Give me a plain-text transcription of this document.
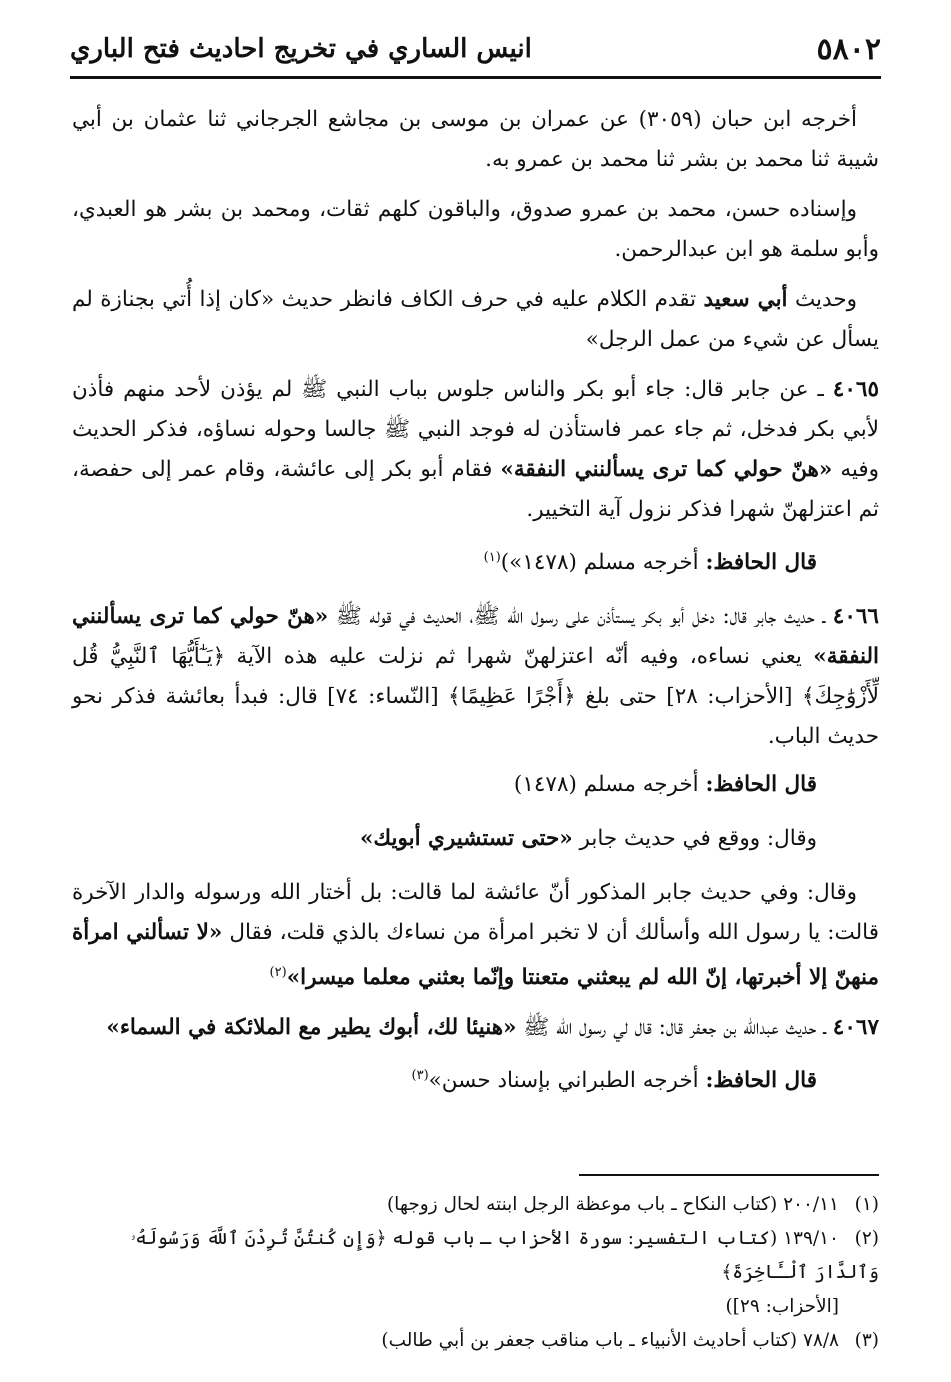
٥٨٠٢
انيس الساري في تخريج احاديث فتح الباري

أخرجه ابن حبان (٣٠٥٩) عن عمران بن موسى بن مجاشع الجرجاني ثنا عثمان بن أبي شيبة ثنا محمد بن بشر ثنا محمد بن عمرو به.

وإسناده حسن، محمد بن عمرو صدوق، والباقون كلهم ثقات، ومحمد بن بشر هو العبدي، وأبو سلمة هو ابن عبدالرحمن.

وحديث أبي سعيد تقدم الكلام عليه في حرف الكاف فانظر حديث «كان إذا أُتي بجنازة لم يسأل عن شيء من عمل الرجل»

٤٠٦٥ ـ عن جابر قال: جاء أبو بكر والناس جلوس بباب النبي ﷺ لم يؤذن لأحد منهم فأذن لأبي بكر فدخل، ثم جاء عمر فاستأذن له فوجد النبي ﷺ جالسا وحوله نساؤه، فذكر الحديث وفيه «هنّ حولي كما ترى يسألنني النفقة» فقام أبو بكر إلى عائشة، وقام عمر إلى حفصة، ثم اعتزلهنّ شهرا فذكر نزول آية التخيير.

قال الحافظ: أخرجه مسلم (١٤٧٨»)$^{(١)}$

٤٠٦٦ ـ حديث جابر قال: دخل أبو بكر يستأذن على رسول الله ﷺ، الحديث في قوله ﷺ «هنّ حولي كما ترى يسألنني النفقة» يعني نساءه، وفيه أنّه اعتزلهنّ شهرا ثم نزلت عليه هذه الآية ﴿يَـٰٓأَيُّهَا ٱلنَّبِيُّ قُل لِّأَزْوَٰجِكَ﴾ [الأحزاب: ٢٨] حتى بلغ ﴿أَجْرًا عَظِيمًا﴾ [النّساء: ٧٤] قال: فبدأ بعائشة فذكر نحو حديث الباب.

قال الحافظ: أخرجه مسلم (١٤٧٨)

وقال: ووقع في حديث جابر «حتى تستشيري أبويك»

وقال: وفي حديث جابر المذكور أنّ عائشة لما قالت: بل أختار الله ورسوله والدار الآخرة قالت: يا رسول الله وأسألك أن لا تخبر امرأة من نساءك بالذي قلت، فقال «لا تسألني امرأة منهنّ إلا أخبرتها، إنّ الله لم يبعثني متعنتا وإنّما بعثني معلما ميسرا»$^{(٢)}$

٤٠٦٧ ـ حديث عبدالله بن جعفر قال: قال لي رسول الله ﷺ «هنيئا لك، أبوك يطير مع الملائكة في السماء»

قال الحافظ: أخرجه الطبراني بإسناد حسن»$^{(٣)}$

(١)٢٠٠/١١ (كتاب النكاح ـ باب موعظة الرجل ابنته لحال زوجها)

(٢)١٣٩/١٠ (كتاب التفسير: سورة الأحزاب ـ باب قوله ﴿وَإِن كُنتُنَّ تُرِدْنَ ٱللَّهَ وَرَسُولَهُۥ وَٱلدَّارَ ٱلْـَٔاخِرَةَ﴾

[الأحزاب: ٢٩])

(٣)٧٨/٨ (كتاب أحاديث الأنبياء ـ باب مناقب جعفر بن أبي طالب)
